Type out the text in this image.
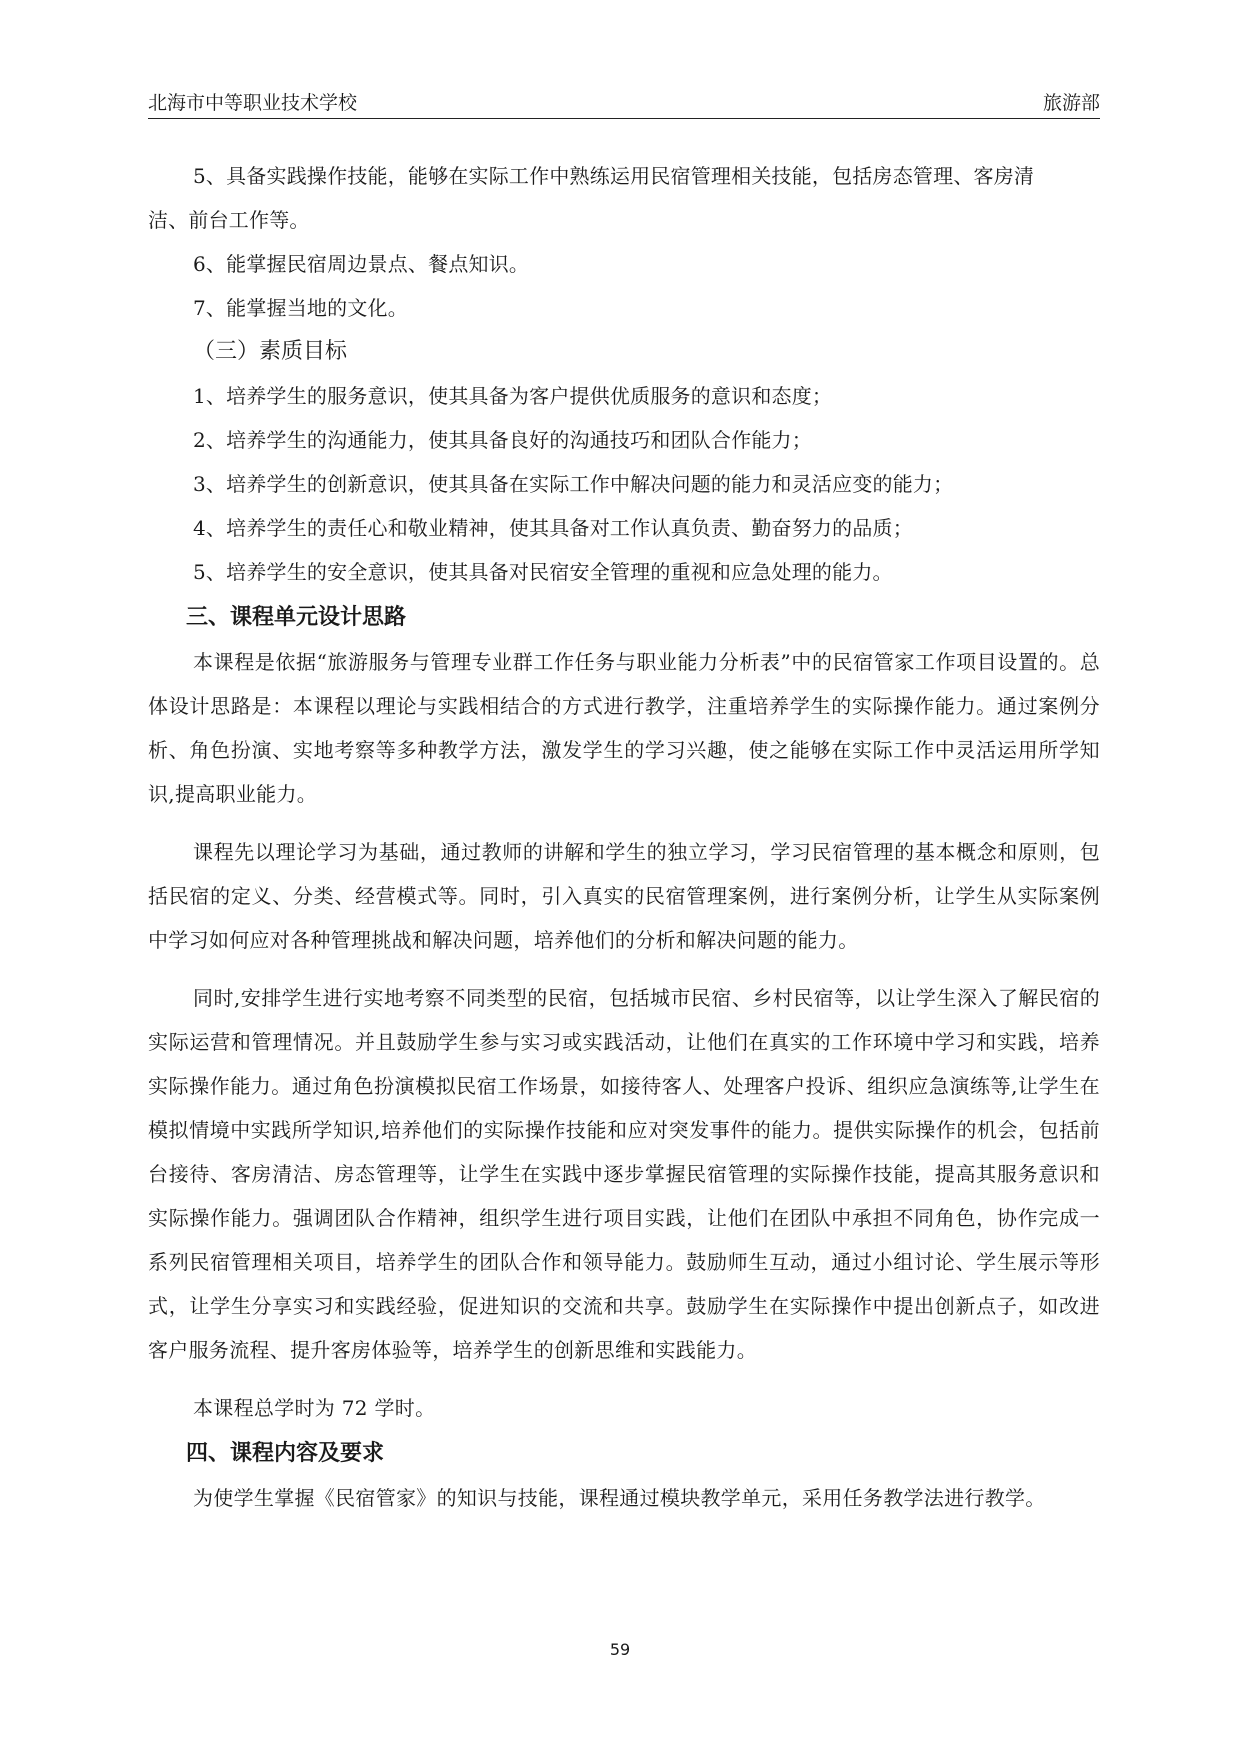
北海市中等职业技术学校	旅游部
5、具备实践操作技能，能够在实际工作中熟练运用民宿管理相关技能，包括房态管理、客房清
洁、前台工作等。
6、能掌握民宿周边景点、餐点知识。
7、能掌握当地的文化。
（三）素质目标
1、培养学生的服务意识，使其具备为客户提供优质服务的意识和态度；
2、培养学生的沟通能力，使其具备良好的沟通技巧和团队合作能力；
3、培养学生的创新意识，使其具备在实际工作中解决问题的能力和灵活应变的能力；
4、培养学生的责任心和敬业精神，使其具备对工作认真负责、勤奋努力的品质；
5、培养学生的安全意识，使其具备对民宿安全管理的重视和应急处理的能力。
三、课程单元设计思路

本课程是依据“旅游服务与管理专业群工作任务与职业能力分析表”中的民宿管家工作项目设置的。总体设计思路是：本课程以理论与实践相结合的方式进行教学，注重培养学生的实际操作能力。通过案例分析、角色扮演、实地考察等多种教学方法，激发学生的学习兴趣，使之能够在实际工作中灵活运用所学知识,提高职业能力。

课程先以理论学习为基础，通过教师的讲解和学生的独立学习，学习民宿管理的基本概念和原则，包括民宿的定义、分类、经营模式等。同时，引入真实的民宿管理案例，进行案例分析，让学生从实际案例中学习如何应对各种管理挑战和解决问题，培养他们的分析和解决问题的能力。

同时,安排学生进行实地考察不同类型的民宿，包括城市民宿、乡村民宿等，以让学生深入了解民宿的实际运营和管理情况。并且鼓励学生参与实习或实践活动，让他们在真实的工作环境中学习和实践，培养实际操作能力。通过角色扮演模拟民宿工作场景，如接待客人、处理客户投诉、组织应急演练等,让学生在模拟情境中实践所学知识,培养他们的实际操作技能和应对突发事件的能力。提供实际操作的机会，包括前台接待、客房清洁、房态管理等，让学生在实践中逐步掌握民宿管理的实际操作技能，提高其服务意识和实际操作能力。强调团队合作精神，组织学生进行项目实践，让他们在团队中承担不同角色，协作完成一系列民宿管理相关项目，培养学生的团队合作和领导能力。鼓励师生互动，通过小组讨论、学生展示等形式，让学生分享实习和实践经验，促进知识的交流和共享。鼓励学生在实际操作中提出创新点子，如改进客户服务流程、提升客房体验等，培养学生的创新思维和实践能力。

本课程总学时为 72 学时。

四、课程内容及要求

为使学生掌握《民宿管家》的知识与技能，课程通过模块教学单元，采用任务教学法进行教学。

59
